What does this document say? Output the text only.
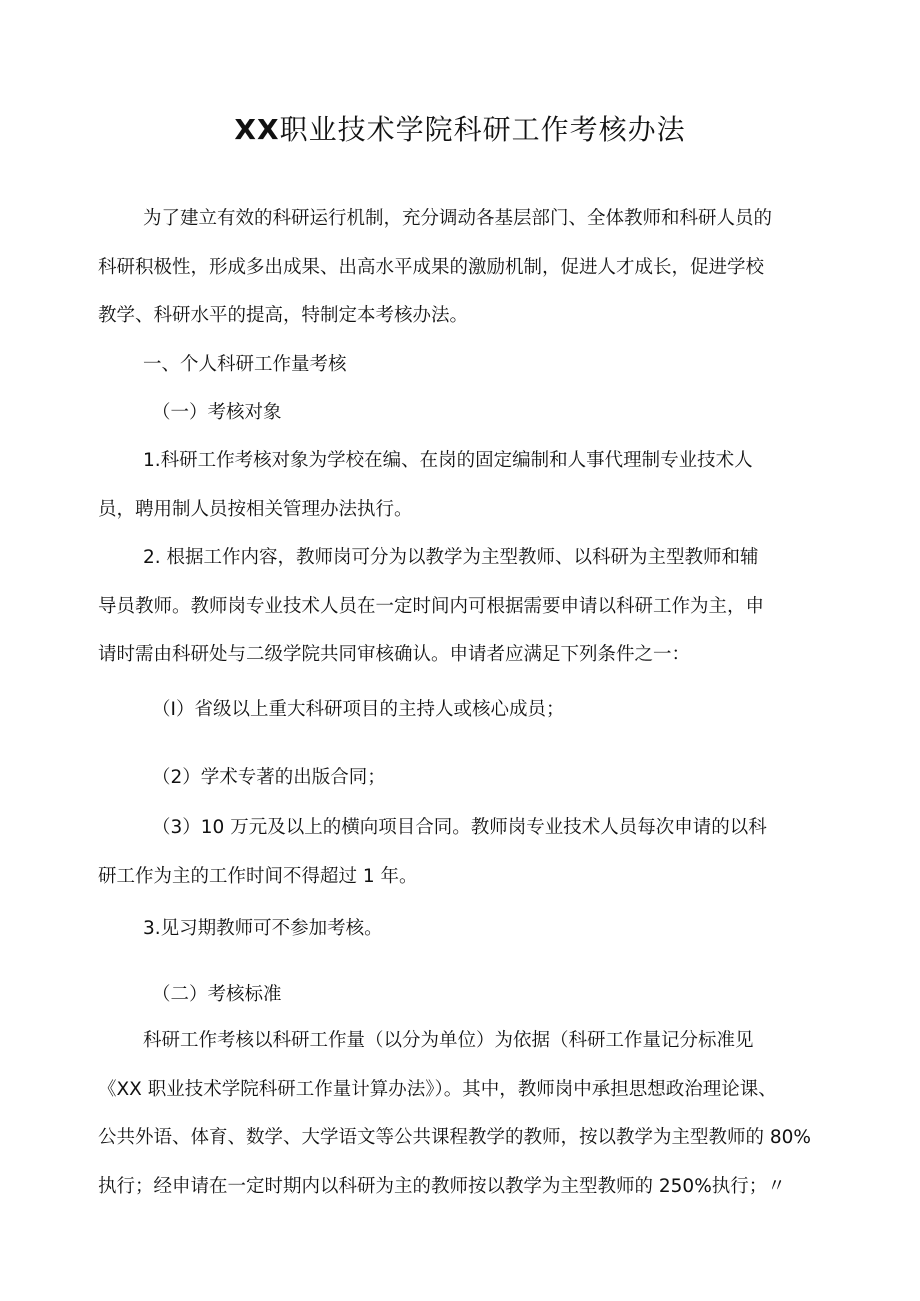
XX职业技术学院科研工作考核办法
为了建立有效的科研运行机制，充分调动各基层部门、全体教师和科研人员的
科研积极性，形成多出成果、出高水平成果的激励机制，促进人才成长，促进学校
教学、科研水平的提高，特制定本考核办法。
一、个人科研工作量考核
（一）考核对象
1.科研工作考核对象为学校在编、在岗的固定编制和人事代理制专业技术人
员，聘用制人员按相关管理办法执行。
2. 根据工作内容，教师岗可分为以教学为主型教师、以科研为主型教师和辅
导员教师。教师岗专业技术人员在一定时间内可根据需要申请以科研工作为主，申
请时需由科研处与二级学院共同审核确认。申请者应满足下列条件之一：
（I）省级以上重大科研项目的主持人或核心成员；
（2）学术专著的出版合同；
（3）10 万元及以上的横向项目合同。教师岗专业技术人员每次申请的以科
研工作为主的工作时间不得超过 1 年。
3.见习期教师可不参加考核。
（二）考核标准
科研工作考核以科研工作量（以分为单位）为依据（科研工作量记分标准见
《XX 职业技术学院科研工作量计算办法》）。其中，教师岗中承担思想政治理论课、
公共外语、体育、数学、大学语文等公共课程教学的教师，按以教学为主型教师的 80%
执行；经申请在一定时期内以科研为主的教师按以教学为主型教师的 250%执行；〃
